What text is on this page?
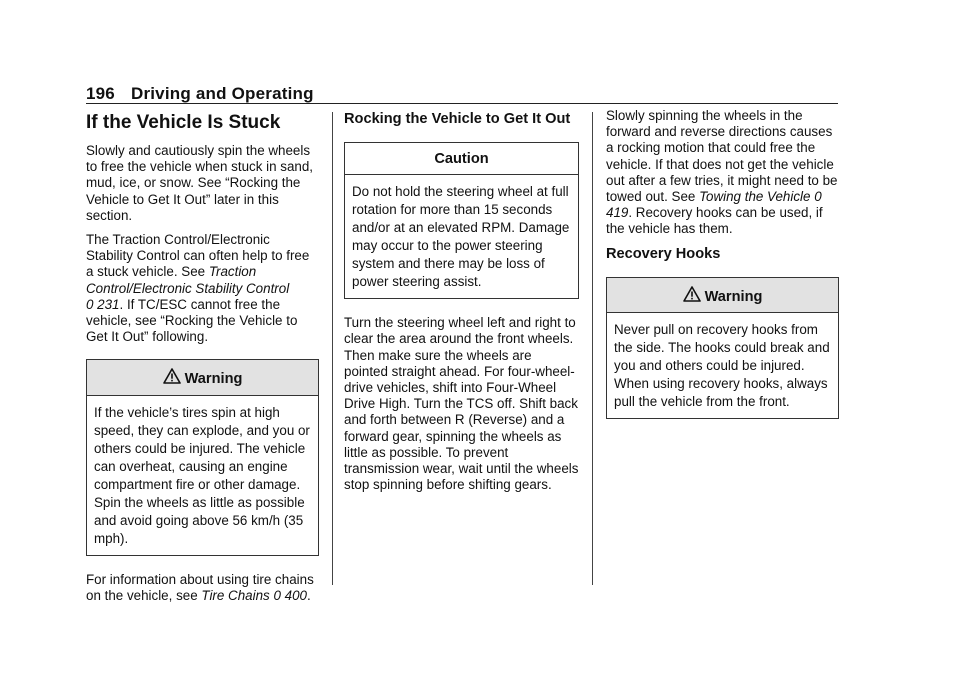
196 Driving and Operating
If the Vehicle Is Stuck

Slowly and cautiously spin the wheels to free the vehicle when stuck in sand, mud, ice, or snow. See “Rocking the Vehicle to Get It Out” later in this section.

The Traction Control/Electronic Stability Control can often help to free a stuck vehicle. See Traction Control/Electronic Stability Control
0 231. If TC/ESC cannot free the vehicle, see “Rocking the Vehicle to Get It Out” following.

Warning
If the vehicle’s tires spin at high speed, they can explode, and you or others could be injured. The vehicle can overheat, causing an engine compartment fire or other damage. Spin the wheels as little as possible and avoid going above 56 km/h (35 mph).

For information about using tire chains on the vehicle, see Tire Chains 0 400.

Rocking the Vehicle to Get It Out
Caution
Do not hold the steering wheel at full rotation for more than 15 seconds and/or at an elevated RPM. Damage may occur to the power steering system and there may be loss of power steering assist.

Turn the steering wheel left and right to clear the area around the front wheels. Then make sure the wheels are pointed straight ahead. For four-wheel-drive vehicles, shift into Four-Wheel Drive High. Turn the TCS off. Shift back and forth between R (Reverse) and a forward gear, spinning the wheels as little as possible. To prevent transmission wear, wait until the wheels stop spinning before shifting gears.

Slowly spinning the wheels in the forward and reverse directions causes a rocking motion that could free the vehicle. If that does not get the vehicle out after a few tries, it might need to be towed out. See Towing the Vehicle 0 419. Recovery hooks can be used, if the vehicle has them.

Recovery Hooks
Warning
Never pull on recovery hooks from the side. The hooks could break and you and others could be injured. When using recovery hooks, always pull the vehicle from the front.
